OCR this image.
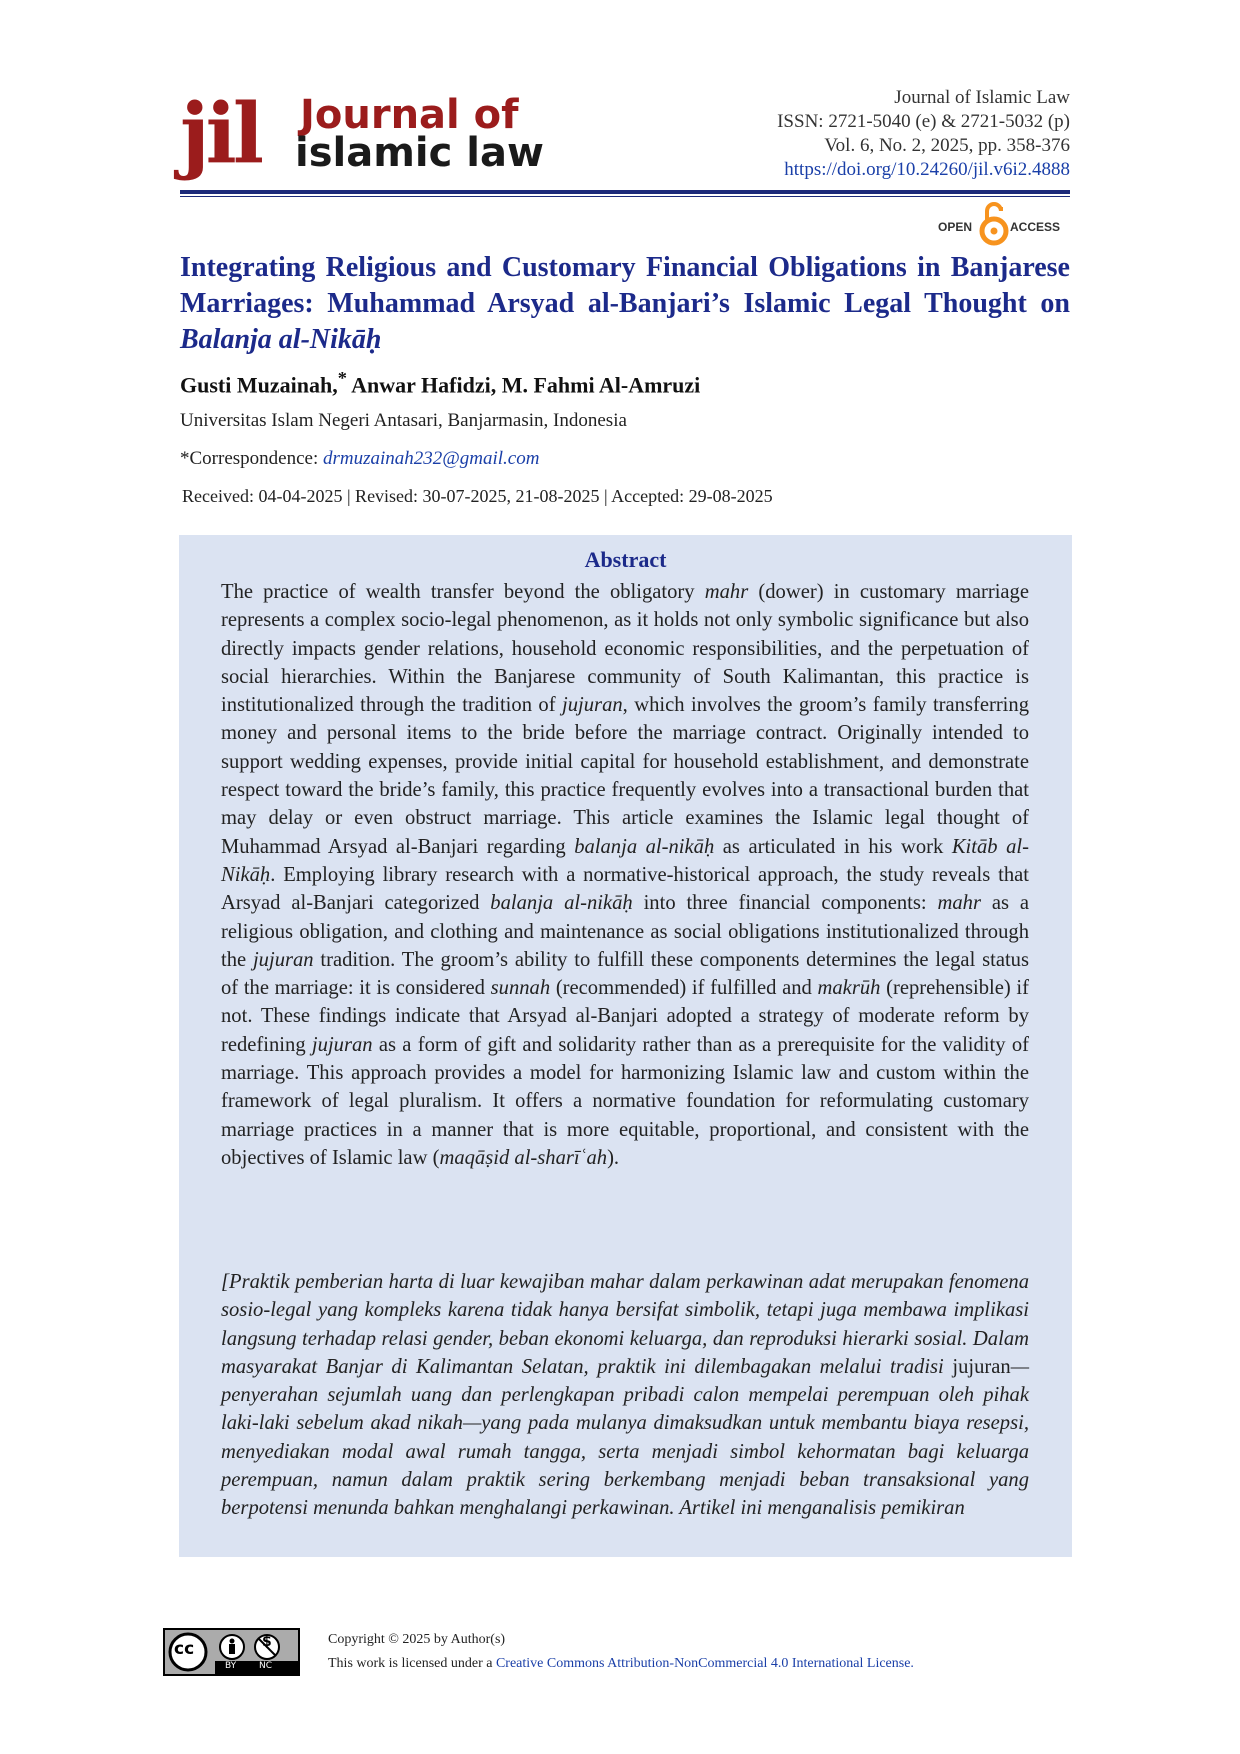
jil Journal of
islamic law
Journal of Islamic Law
ISSN: 2721-5040 (e) & 2721-5032 (p)
Vol. 6, No. 2, 2025, pp. 358-376
https://doi.org/10.24260/jil.v6i2.4888
OPEN	ACCESS
Integrating Religious and Customary Financial Obligations in Banjarese Marriages: Muhammad Arsyad al-Banjari’s Islamic Legal Thought on Balanja al-Nikāḥ
Gusti Muzainah,* Anwar Hafidzi, M. Fahmi Al-Amruzi
Universitas Islam Negeri Antasari, Banjarmasin, Indonesia
*Correspondence: drmuzainah232@gmail.com
Received: 04-04-2025 | Revised: 30-07-2025, 21-08-2025 | Accepted: 29-08-2025
Abstract
The practice of wealth transfer beyond the obligatory mahr (dower) in customary marriage represents a complex socio-legal phenomenon, as it holds not only symbolic significance but also directly impacts gender relations, household economic responsibilities, and the perpetuation of social hierarchies. Within the Banjarese community of South Kalimantan, this practice is institutionalized through the tradition of jujuran, which involves the groom’s family transferring money and personal items to the bride before the marriage contract. Originally intended to support wedding expenses, provide initial capital for household establishment, and demonstrate respect toward the bride’s family, this practice frequently evolves into a transactional burden that may delay or even obstruct marriage. This article examines the Islamic legal thought of Muhammad Arsyad al-Banjari regarding balanja al-nikāḥ as articulated in his work Kitāb al-Nikāḥ. Employing library research with a normative-historical approach, the study reveals that Arsyad al-Banjari categorized balanja al-nikāḥ into three financial components: mahr as a religious obligation, and clothing and maintenance as social obligations institutionalized through the jujuran tradition. The groom’s ability to fulfill these components determines the legal status of the marriage: it is considered sunnah (recommended) if fulfilled and makrūh (reprehensible) if not. These findings indicate that Arsyad al-Banjari adopted a strategy of moderate reform by redefining jujuran as a form of gift and solidarity rather than as a prerequisite for the validity of marriage. This approach provides a model for harmonizing Islamic law and custom within the framework of legal pluralism. It offers a normative foundation for reformulating customary marriage practices in a manner that is more equitable, proportional, and consistent with the objectives of Islamic law (maqāṣid al-sharīʿah).
[Praktik pemberian harta di luar kewajiban mahar dalam perkawinan adat merupakan fenomena sosio-legal yang kompleks karena tidak hanya bersifat simbolik, tetapi juga membawa implikasi langsung terhadap relasi gender, beban ekonomi keluarga, dan reproduksi hierarki sosial. Dalam masyarakat Banjar di Kalimantan Selatan, praktik ini dilembagakan melalui tradisi jujuran—penyerahan sejumlah uang dan perlengkapan pribadi calon mempelai perempuan oleh pihak laki-laki sebelum akad nikah—yang pada mulanya dimaksudkan untuk membantu biaya resepsi, menyediakan modal awal rumah tangga, serta menjadi simbol kehormatan bagi keluarga perempuan, namun dalam praktik sering berkembang menjadi beban transaksional yang berpotensi menunda bahkan menghalangi perkawinan. Artikel ini menganalisis pemikiran
cc
BY	NC
$	Copyright © 2025 by Author(s)
This work is licensed under a Creative Commons Attribution-NonCommercial 4.0 International License.
